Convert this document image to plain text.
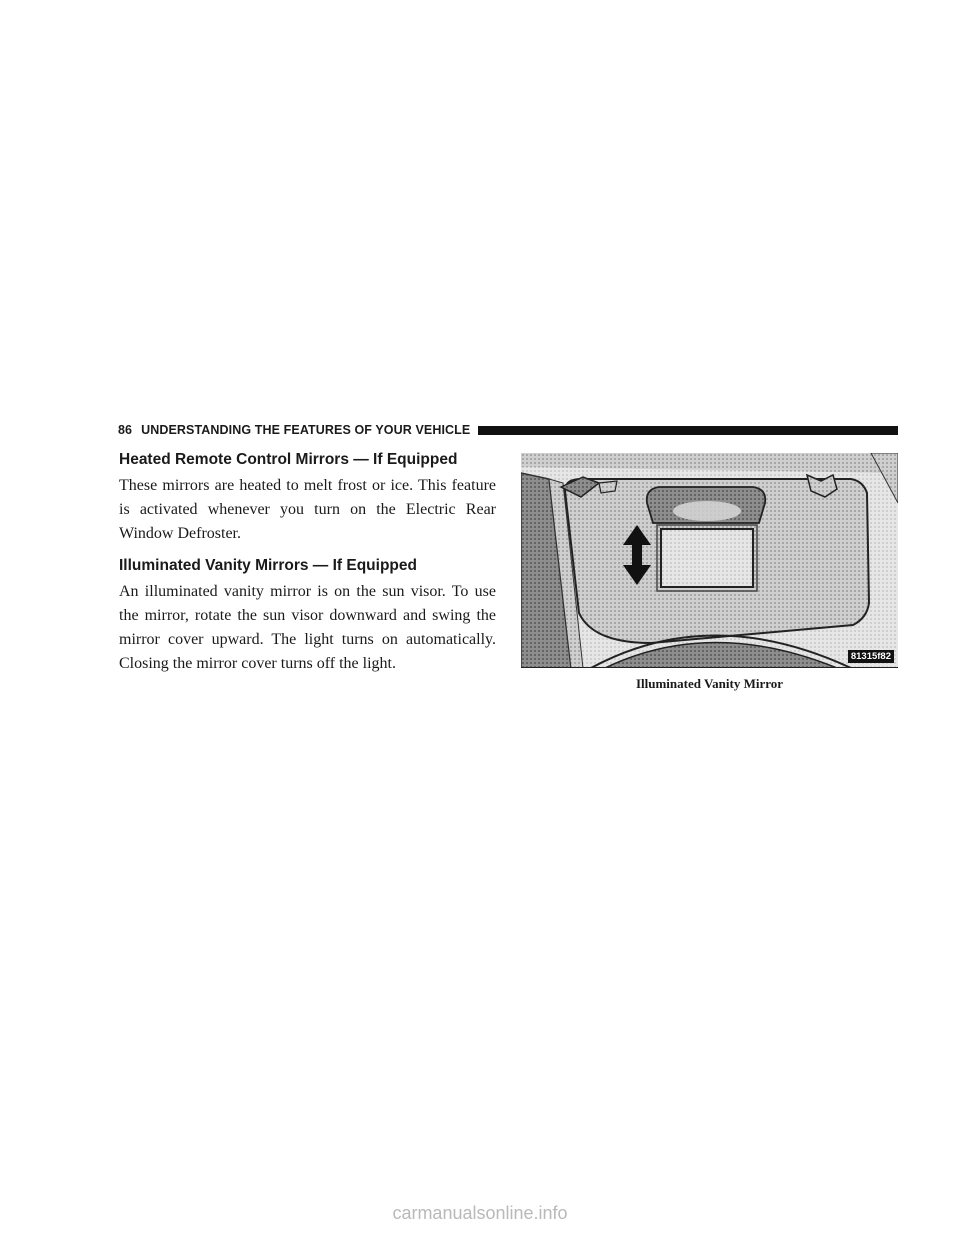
86 UNDERSTANDING THE FEATURES OF YOUR VEHICLE
Heated Remote Control Mirrors — If Equipped

These mirrors are heated to melt frost or ice. This feature is activated whenever you turn on the Electric Rear Window Defroster.

Illuminated Vanity Mirrors — If Equipped

An illuminated vanity mirror is on the sun visor. To use the mirror, rotate the sun visor downward and swing the mirror cover upward. The light turns on automatically. Closing the mirror cover turns off the light.	81315f82
Illuminated Vanity Mirror
carmanualsonline.info
